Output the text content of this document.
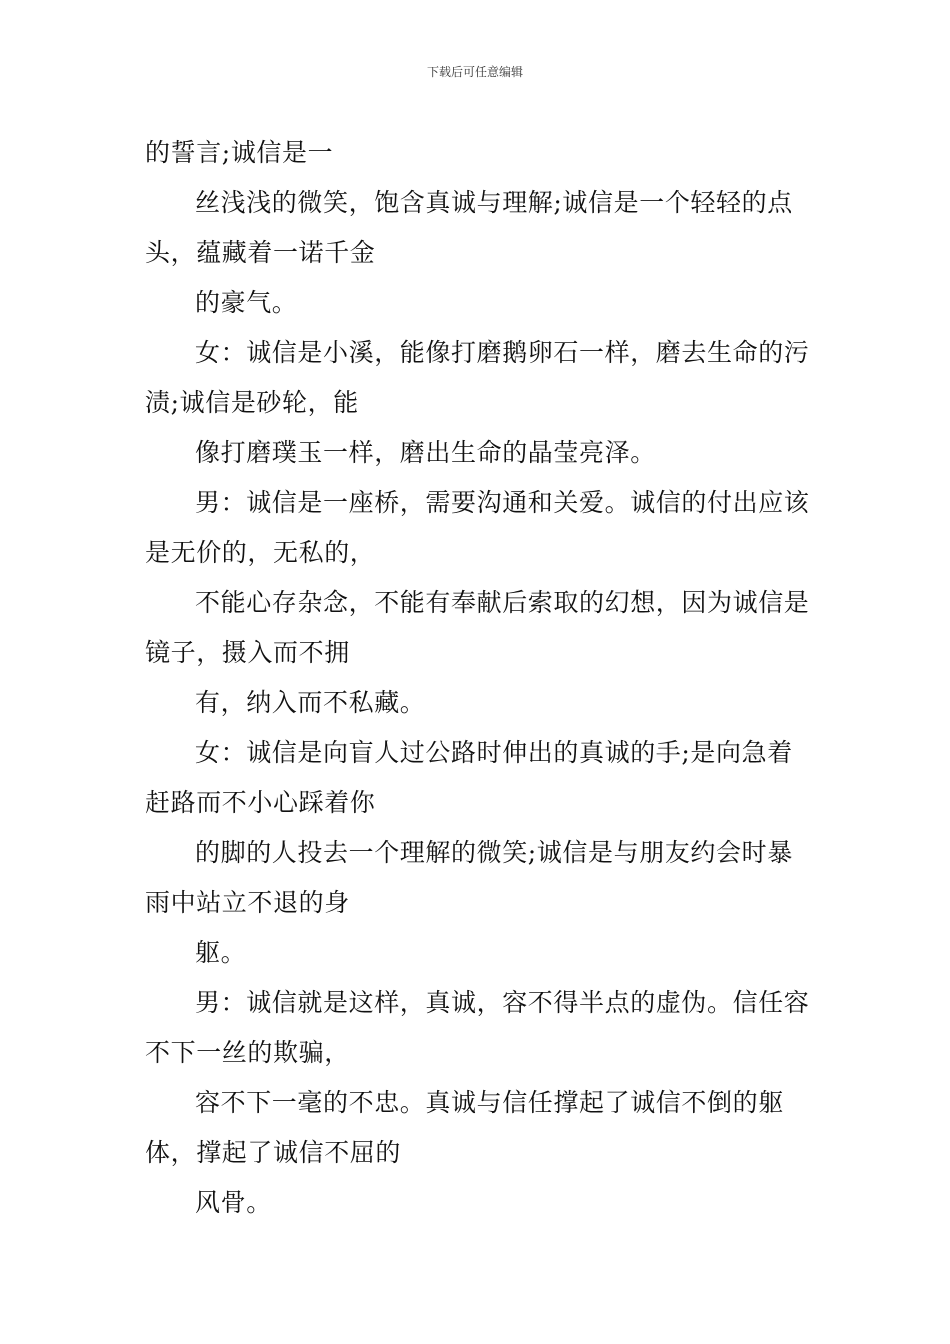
下载后可任意编辑

的誓言;诚信是一

丝浅浅的微笑，饱含真诚与理解;诚信是一个轻轻的点头，蕴藏着一诺千金

的豪气。

女：诚信是小溪，能像打磨鹅卵石一样，磨去生命的污渍;诚信是砂轮，能

像打磨璞玉一样，磨出生命的晶莹亮泽。

男：诚信是一座桥，需要沟通和关爱。诚信的付出应该是无价的，无私的，

不能心存杂念，不能有奉献后索取的幻想，因为诚信是镜子，摄入而不拥

有，纳入而不私藏。

女：诚信是向盲人过公路时伸出的真诚的手;是向急着赶路而不小心踩着你

的脚的人投去一个理解的微笑;诚信是与朋友约会时暴雨中站立不退的身

躯。

男：诚信就是这样，真诚，容不得半点的虚伪。信任容不下一丝的欺骗，

容不下一毫的不忠。真诚与信任撑起了诚信不倒的躯体，撑起了诚信不屈的

风骨。
